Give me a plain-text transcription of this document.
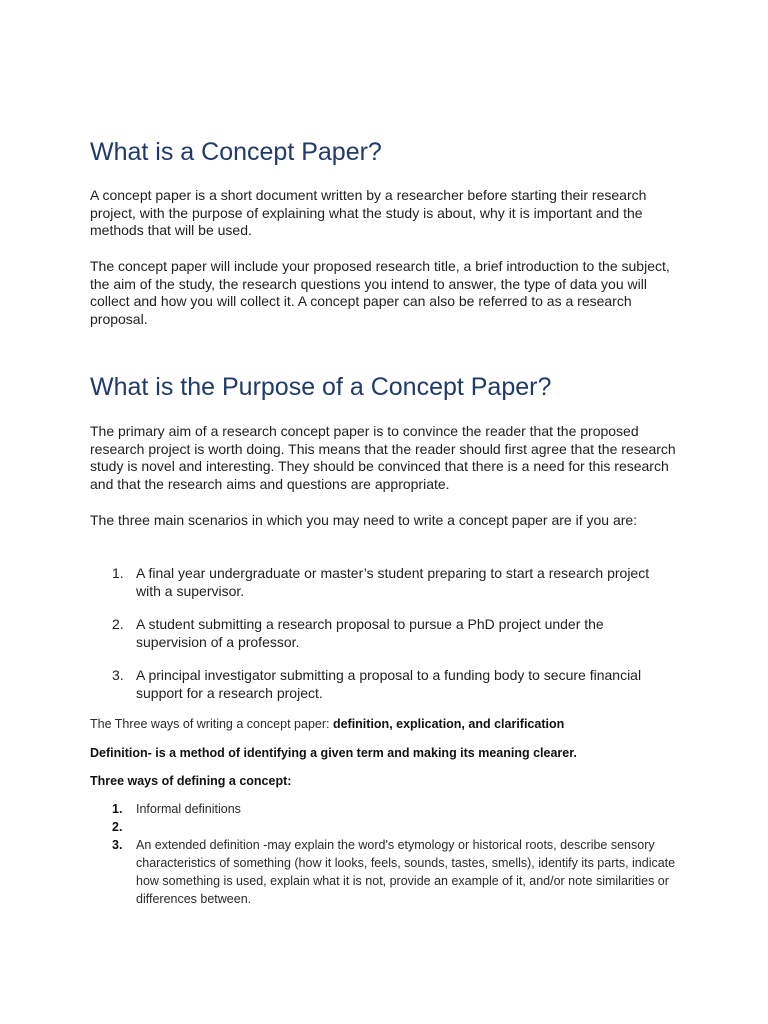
What is a Concept Paper?

A concept paper is a short document written by a researcher before starting their research project, with the purpose of explaining what the study is about, why it is important and the methods that will be used.

The concept paper will include your proposed research title, a brief introduction to the subject, the aim of the study, the research questions you intend to answer, the type of data you will collect and how you will collect it. A concept paper can also be referred to as a research proposal.

What is the Purpose of a Concept Paper?

The primary aim of a research concept paper is to convince the reader that the proposed research project is worth doing. This means that the reader should first agree that the research study is novel and interesting. They should be convinced that there is a need for this research and that the research aims and questions are appropriate.

The three main scenarios in which you may need to write a concept paper are if you are:

1. A final year undergraduate or master’s student preparing to start a research project with a supervisor.
2. A student submitting a research proposal to pursue a PhD project under the supervision of a professor.
3. A principal investigator submitting a proposal to a funding body to secure financial support for a research project.

The Three ways of writing a concept paper: definition, explication, and clarification

Definition- is a method of identifying a given term and making its meaning clearer.

Three ways of defining a concept:

1. Informal definitions
2.
3. An extended definition -may explain the word's etymology or historical roots, describe sensory characteristics of something (how it looks, feels, sounds, tastes, smells), identify its parts, indicate how something is used, explain what it is not, provide an example of it, and/or note similarities or differences between.
